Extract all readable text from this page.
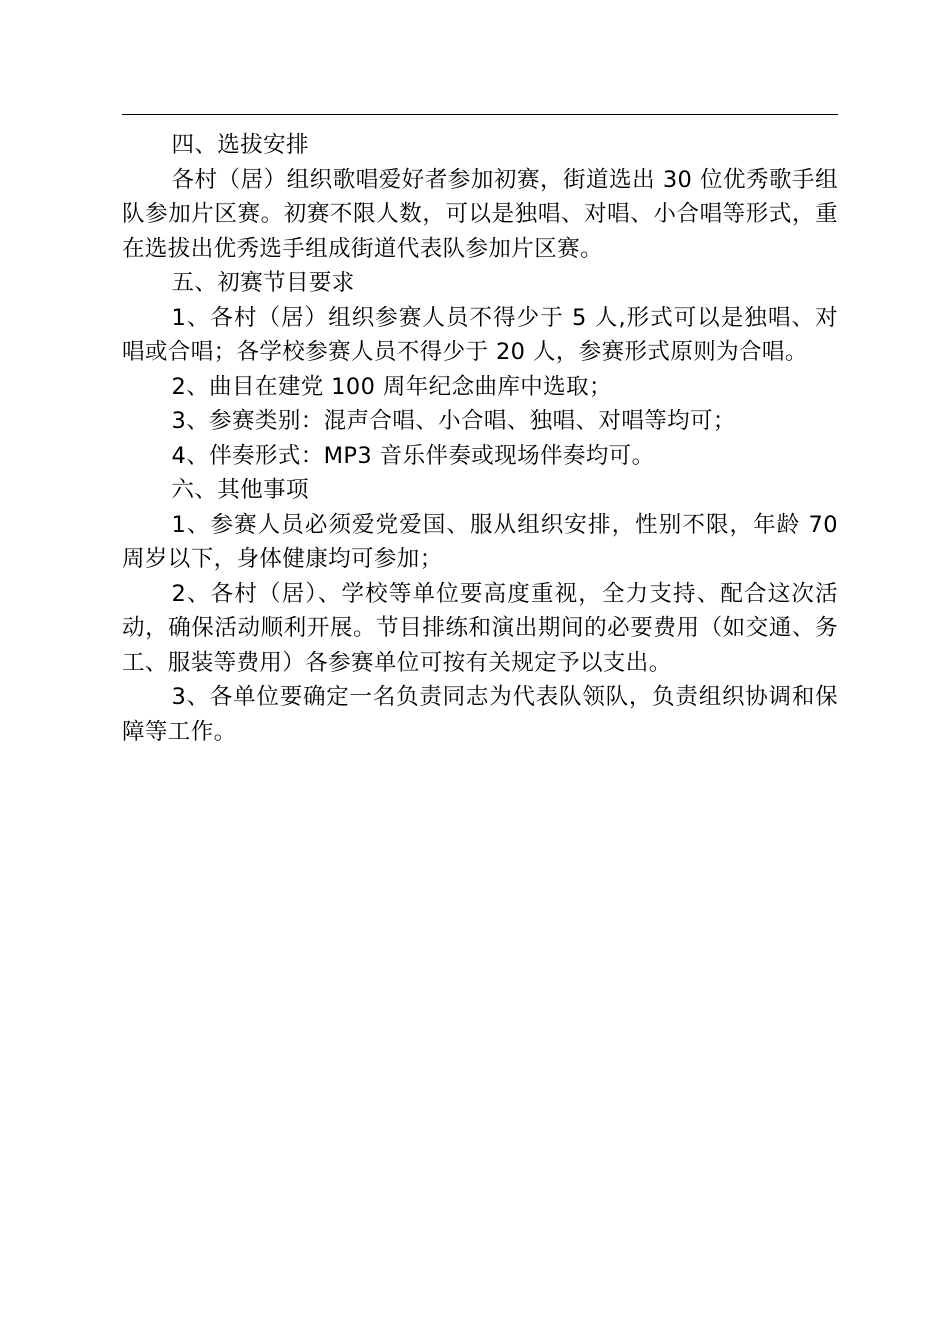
四、选拔安排

各村（居）组织歌唱爱好者参加初赛，街道选出 30 位优秀歌手组队参加片区赛。初赛不限人数，可以是独唱、对唱、小合唱等形式，重在选拔出优秀选手组成街道代表队参加片区赛。

五、初赛节目要求

1、各村（居）组织参赛人员不得少于 5 人,形式可以是独唱、对唱或合唱；各学校参赛人员不得少于 20 人，参赛形式原则为合唱。

2、曲目在建党 100 周年纪念曲库中选取；

3、参赛类别：混声合唱、小合唱、独唱、对唱等均可；

4、伴奏形式：MP3 音乐伴奏或现场伴奏均可。

六、其他事项

1、参赛人员必须爱党爱国、服从组织安排，性别不限，年龄 70 周岁以下，身体健康均可参加；

2、各村（居）、学校等单位要高度重视，全力支持、配合这次活动，确保活动顺利开展。节目排练和演出期间的必要费用（如交通、务工、服装等费用）各参赛单位可按有关规定予以支出。

3、各单位要确定一名负责同志为代表队领队，负责组织协调和保障等工作。
